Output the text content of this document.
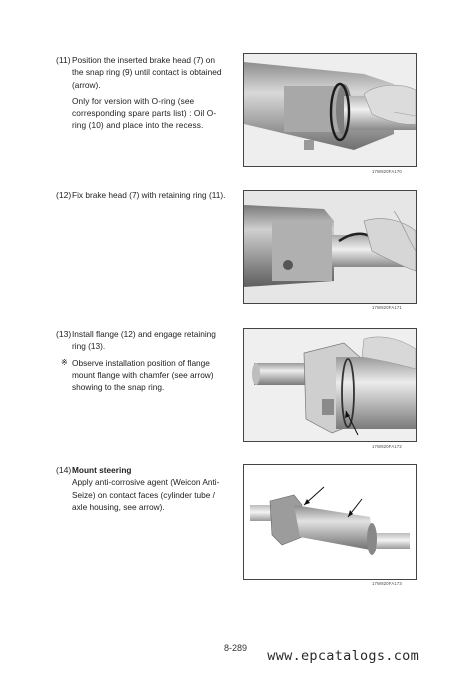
(11) Position the inserted brake head (7) on the snap ring (9) until contact is obtained (arrow).
Only for version with O-ring (see corresponding spare parts list) : Oil O-ring (10) and place into the recess.
17W820FA170
(12) Fix brake head (7) with retaining ring (11).
17W820FA171
(13) Install flange (12) and engage retaining ring (13).
※ Observe installation position of flange mount flange with chamfer (see arrow) showing to the snap ring.
17W820FA172
(14) Mount steering
Apply anti-corrosive agent (Weicon Anti-Seize) on contact faces (cylinder tube / axle housing, see arrow).
17W820FA173
8-289	www.epcatalogs.com
